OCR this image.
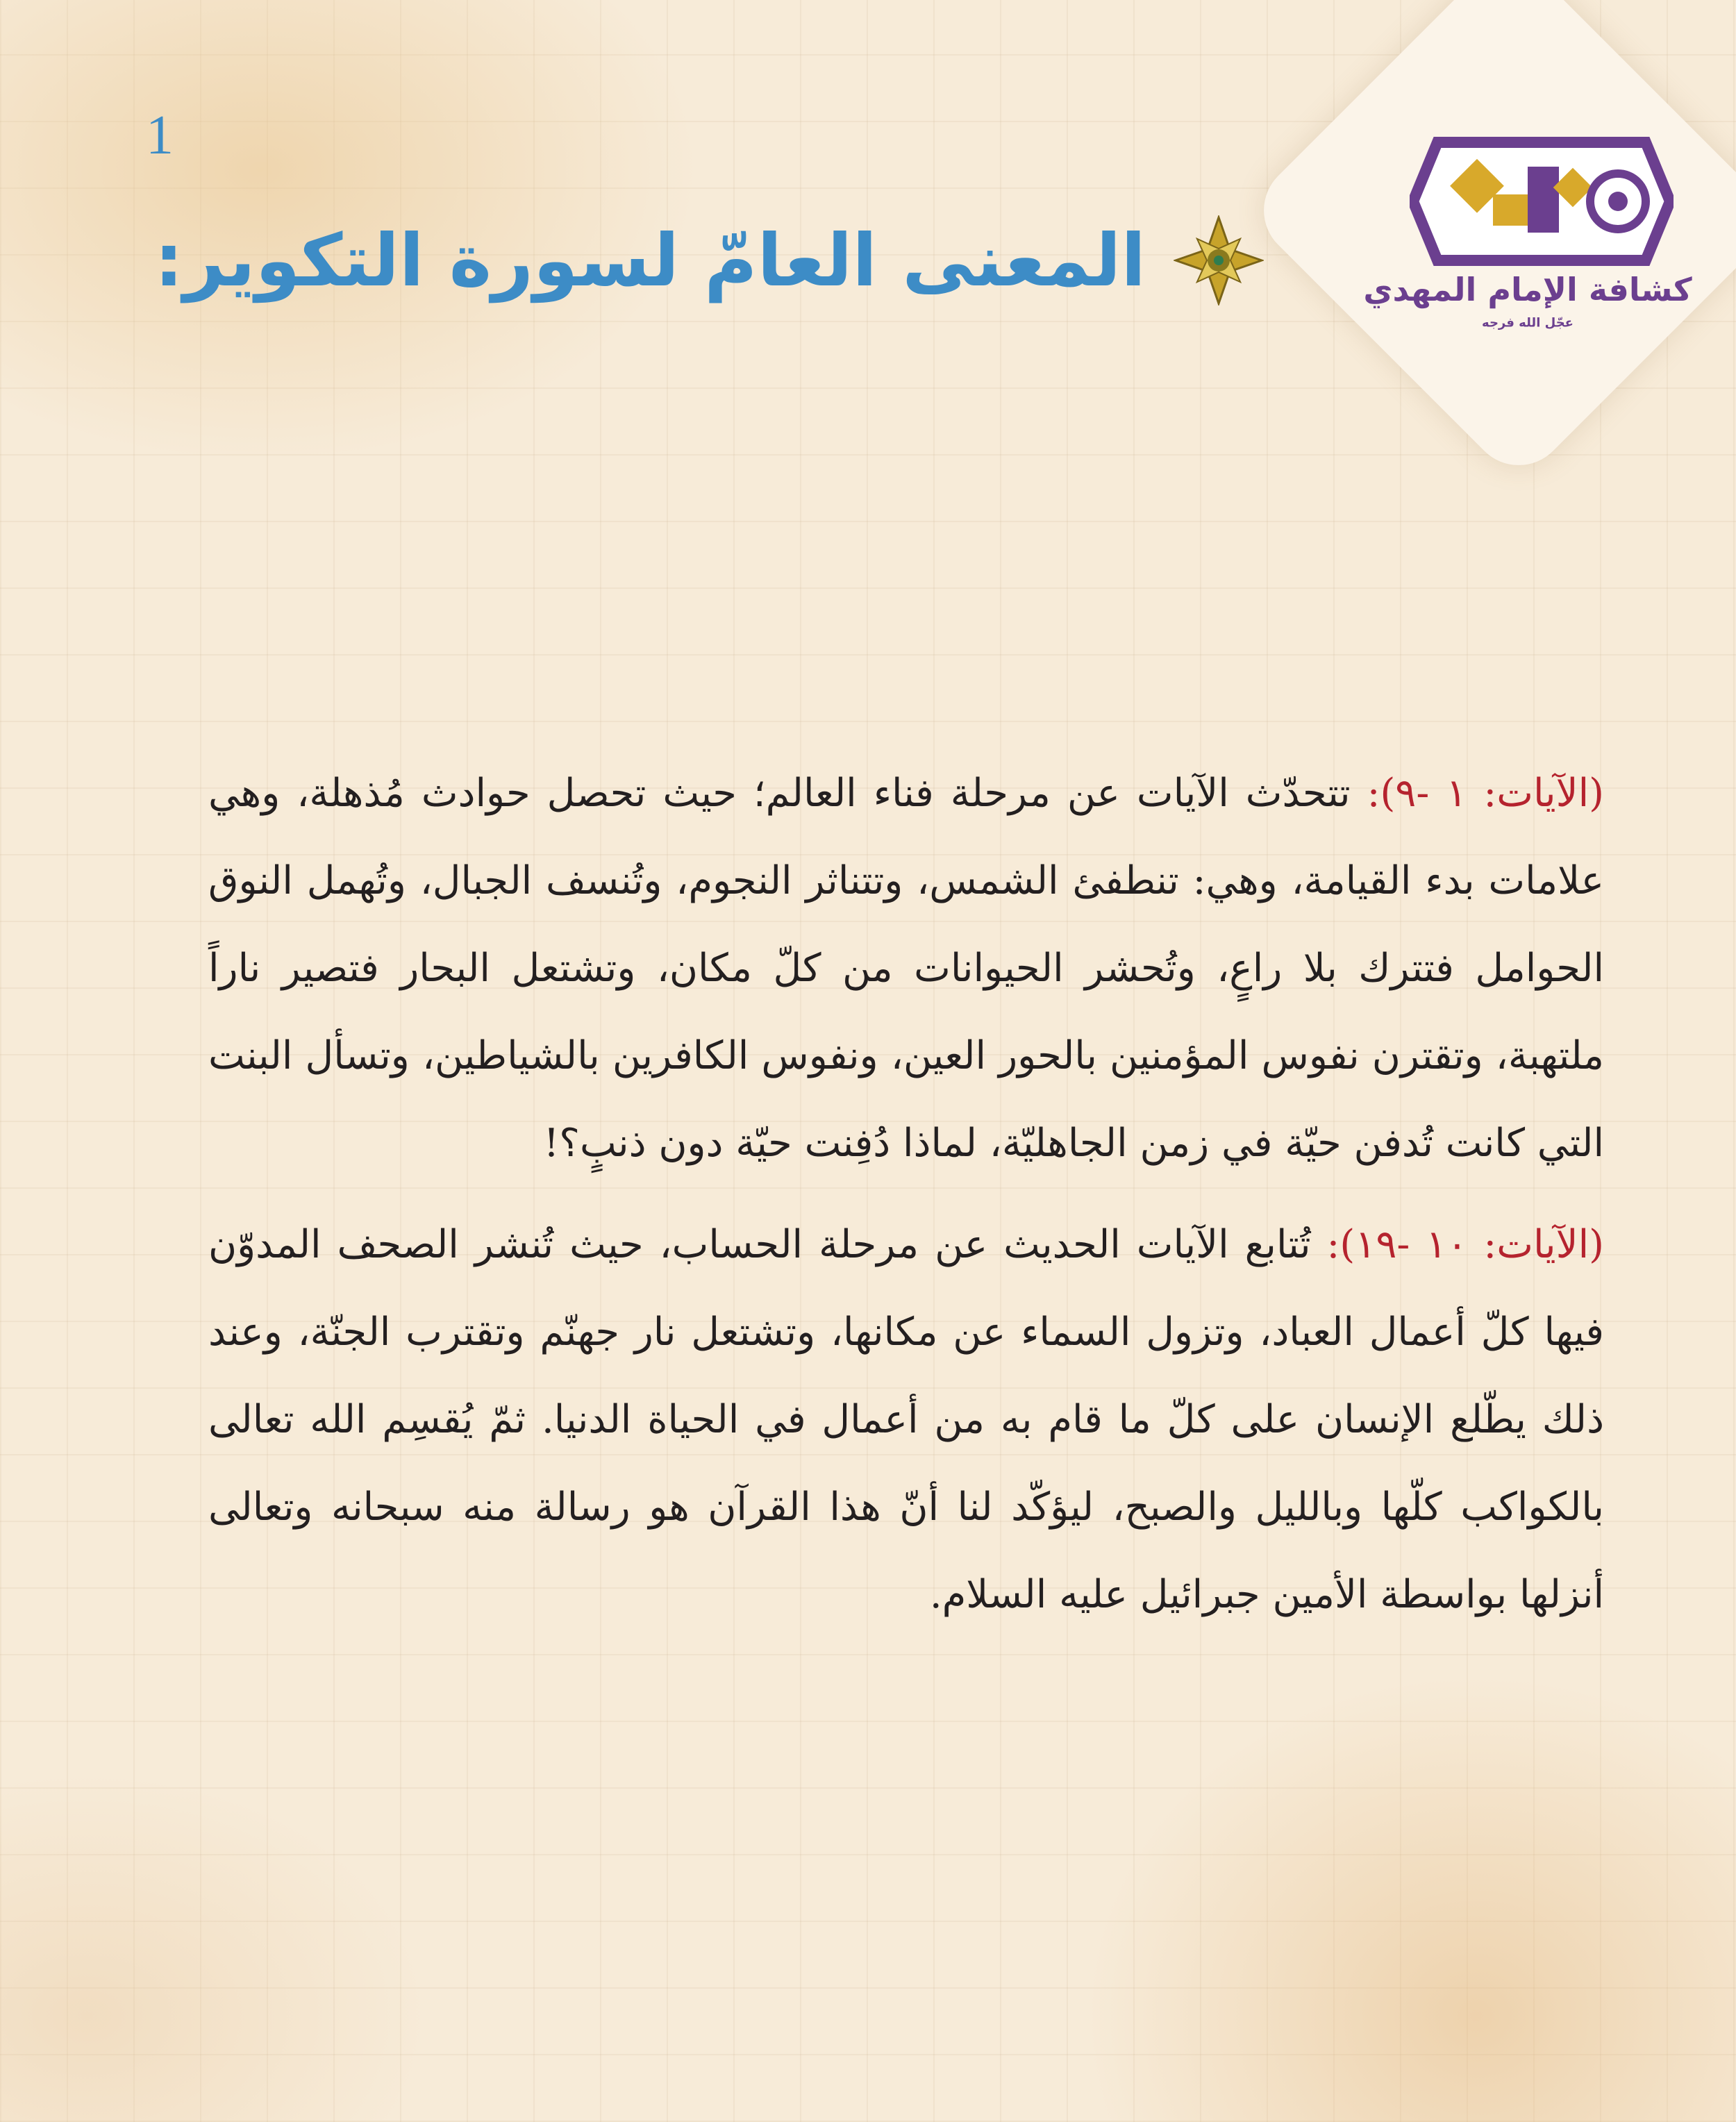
1
كشافة الإمام المهدي $^{عجّل الله فرجه}$
المعنى العامّ لسورة التكوير:

(الآيات: ١ -٩): تتحدّث الآيات عن مرحلة فناء العالم؛ حيث تحصل حوادث مُذهلة، وهي علامات بدء القيامة، وهي: تنطفئ الشمس، وتتناثر النجوم، وتُنسف الجبال، وتُهمل النوق الحوامل فتترك بلا راعٍ، وتُحشر الحيوانات من كلّ مكان، وتشتعل البحار فتصير ناراً ملتهبة، وتقترن نفوس المؤمنين بالحور العين، ونفوس الكافرين بالشياطين، وتسأل البنت التي كانت تُدفن حيّة في زمن الجاهليّة، لماذا دُفِنت حيّة دون ذنبٍ؟!

(الآيات: ١٠ -١٩): تُتابع الآيات الحديث عن مرحلة الحساب، حيث تُنشر الصحف المدوّن فيها كلّ أعمال العباد، وتزول السماء عن مكانها، وتشتعل نار جهنّم وتقترب الجنّة، وعند ذلك يطّلع الإنسان على كلّ ما قام به من أعمال في الحياة الدنيا. ثمّ يُقسِم الله تعالى بالكواكب كلّها وبالليل والصبح، ليؤكّد لنا أنّ هذا القرآن هو رسالة منه سبحانه وتعالى أنزلها بواسطة الأمين جبرائيل عليه السلام.
